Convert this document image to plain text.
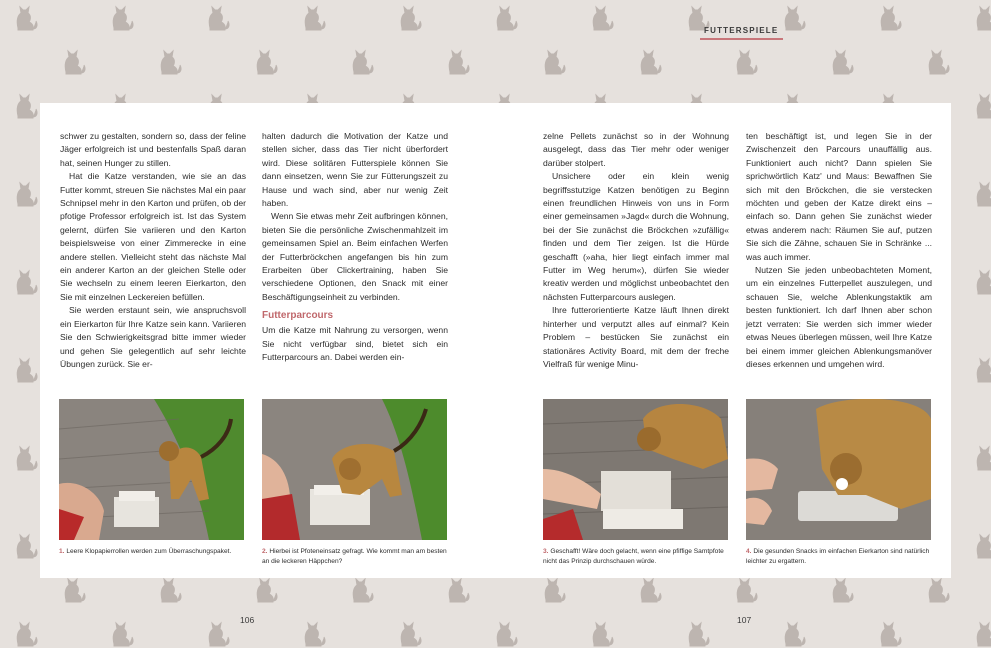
FUTTERSPIELE

schwer zu gestalten, sondern so, dass der feline Jäger erfolgreich ist und bestenfalls Spaß daran hat, seinen Hunger zu stillen.

Hat die Katze verstanden, wie sie an das Futter kommt, streuen Sie nächstes Mal ein paar Schnipsel mehr in den Karton und prüfen, ob der pfotige Professor erfolgreich ist. Ist das System gelernt, dürfen Sie variieren und den Karton beispielsweise von einer Zimmerecke in eine andere stellen. Vielleicht steht das nächste Mal ein anderer Karton an der gleichen Stelle oder Sie wechseln zu einem leeren Eierkarton, den Sie mit einzelnen Leckereien befüllen.

Sie werden erstaunt sein, wie anspruchsvoll ein Eierkarton für Ihre Katze sein kann. Variieren Sie den Schwierigkeitsgrad bitte immer wieder und gehen Sie gelegentlich auf sehr leichte Übungen zurück. Sie er-

halten dadurch die Motivation der Katze und stellen sicher, dass das Tier nicht überfordert wird. Diese solitären Futterspiele können Sie dann einsetzen, wenn Sie zur Fütterungszeit zu Hause und wach sind, aber nur wenig Zeit haben.

Wenn Sie etwas mehr Zeit aufbringen können, bieten Sie die persönliche Zwischenmahlzeit im gemeinsamen Spiel an. Beim einfachen Werfen der Futterbröckchen angefangen bis hin zum Erarbeiten über Clickertraining, haben Sie verschiedene Optionen, den Snack mit einer Beschäftigungseinheit zu verbinden.

Futterparcours

Um die Katze mit Nahrung zu versorgen, wenn Sie nicht verfügbar sind, bietet sich ein Futterparcours an. Dabei werden ein-

zelne Pellets zunächst so in der Wohnung ausgelegt, dass das Tier mehr oder weniger darüber stolpert.

Unsichere oder ein klein wenig begriffsstutzige Katzen benötigen zu Beginn einen freundlichen Hinweis von uns in Form einer gemeinsamen »Jagd« durch die Wohnung, bei der Sie zunächst die Bröckchen »zufällig« finden und dem Tier zeigen. Ist die Hürde geschafft (»aha, hier liegt einfach immer mal Futter im Weg herum«), dürfen Sie wieder kreativ werden und möglichst unbeobachtet den nächsten Futterparcours auslegen.

Ihre futterorientierte Katze läuft Ihnen direkt hinterher und verputzt alles auf einmal? Kein Problem – bestücken Sie zunächst ein stationäres Activity Board, mit dem der freche Vielfraß für wenige Minu-

ten beschäftigt ist, und legen Sie in der Zwischenzeit den Parcours unauffällig aus. Funktioniert auch nicht? Dann spielen Sie sprichwörtlich Katz' und Maus: Bewaffnen Sie sich mit den Bröckchen, die sie verstecken möchten und geben der Katze direkt eins – einfach so. Dann gehen Sie zunächst wieder etwas anderem nach: Räumen Sie auf, putzen Sie sich die Zähne, schauen Sie in Schränke ... was auch immer.

Nutzen Sie jeden unbeobachteten Moment, um ein einzelnes Futterpellet auszulegen, und schauen Sie, welche Ablenkungstaktik am besten funktioniert. Ich darf Ihnen aber schon jetzt verraten: Sie werden sich immer wieder etwas Neues überlegen müssen, weil Ihre Katze bei einem immer gleichen Ablenkungsmanöver dieses erkennen und umgehen wird.

1. Leere Klopapierrollen werden zum Überraschungspaket.	2. Hierbei ist Pfoteneinsatz gefragt. Wie kommt man am besten an die leckeren Häppchen?
3. Geschafft! Wäre doch gelacht, wenn eine pfiffige Samtpfote nicht das Prinzip durchschauen würde.
4. Die gesunden Snacks im einfachen Eierkarton sind natürlich leichter zu ergattern.
106	107
